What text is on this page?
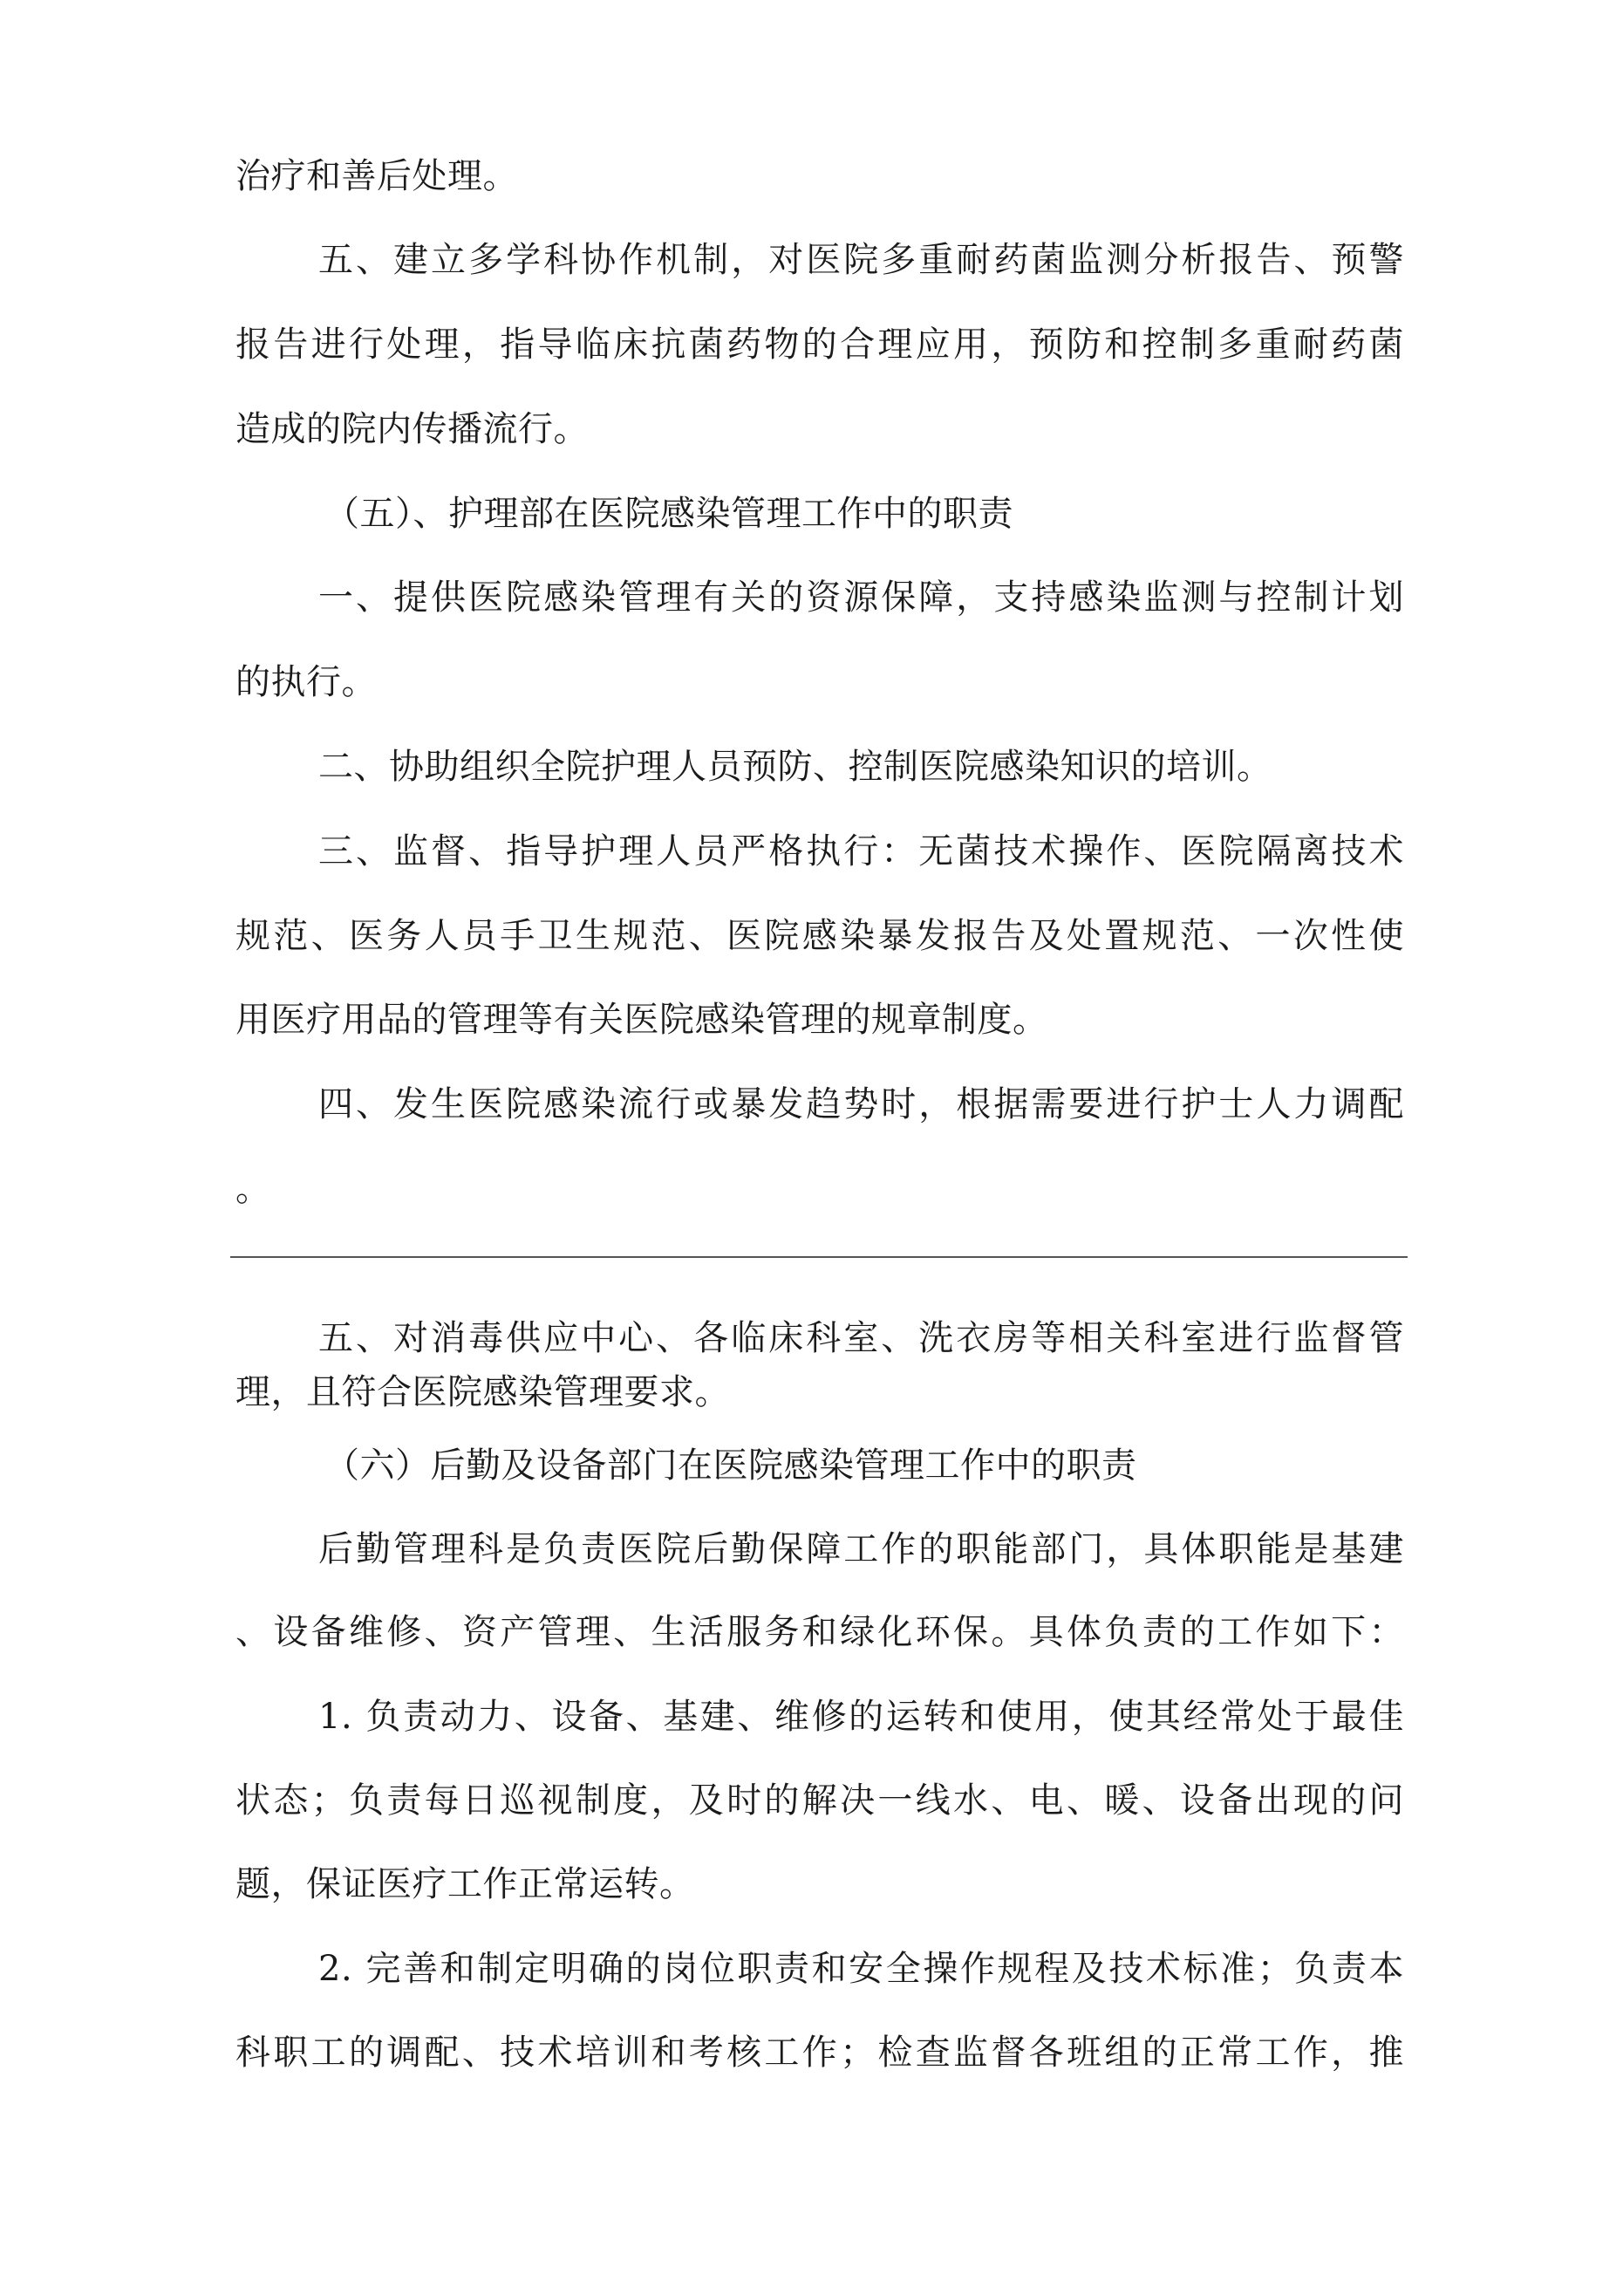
治疗和善后处理。
五、建立多学科协作机制，对医院多重耐药菌监测分析报告、预警
报告进行处理，指导临床抗菌药物的合理应用，预防和控制多重耐药菌
造成的院内传播流行。
（五）、护理部在医院感染管理工作中的职责
一、提供医院感染管理有关的资源保障，支持感染监测与控制计划
的执行。
二、协助组织全院护理人员预防、控制医院感染知识的培训。
三、监督、指导护理人员严格执行：无菌技术操作、医院隔离技术
规范、医务人员手卫生规范、医院感染暴发报告及处置规范、一次性使
用医疗用品的管理等有关医院感染管理的规章制度。
四、发生医院感染流行或暴发趋势时，根据需要进行护士人力调配
。
五、对消毒供应中心、各临床科室、洗衣房等相关科室进行监督管
理，且符合医院感染管理要求。
（六）后勤及设备部门在医院感染管理工作中的职责
后勤管理科是负责医院后勤保障工作的职能部门，具体职能是基建
、设备维修、资产管理、生活服务和绿化环保。具体负责的工作如下：
1. 负责动力、设备、基建、维修的运转和使用，使其经常处于最佳
状态；负责每日巡视制度，及时的解决一线水、电、暖、设备出现的问
题，保证医疗工作正常运转。
2. 完善和制定明确的岗位职责和安全操作规程及技术标准；负责本
科职工的调配、技术培训和考核工作；检查监督各班组的正常工作，推
